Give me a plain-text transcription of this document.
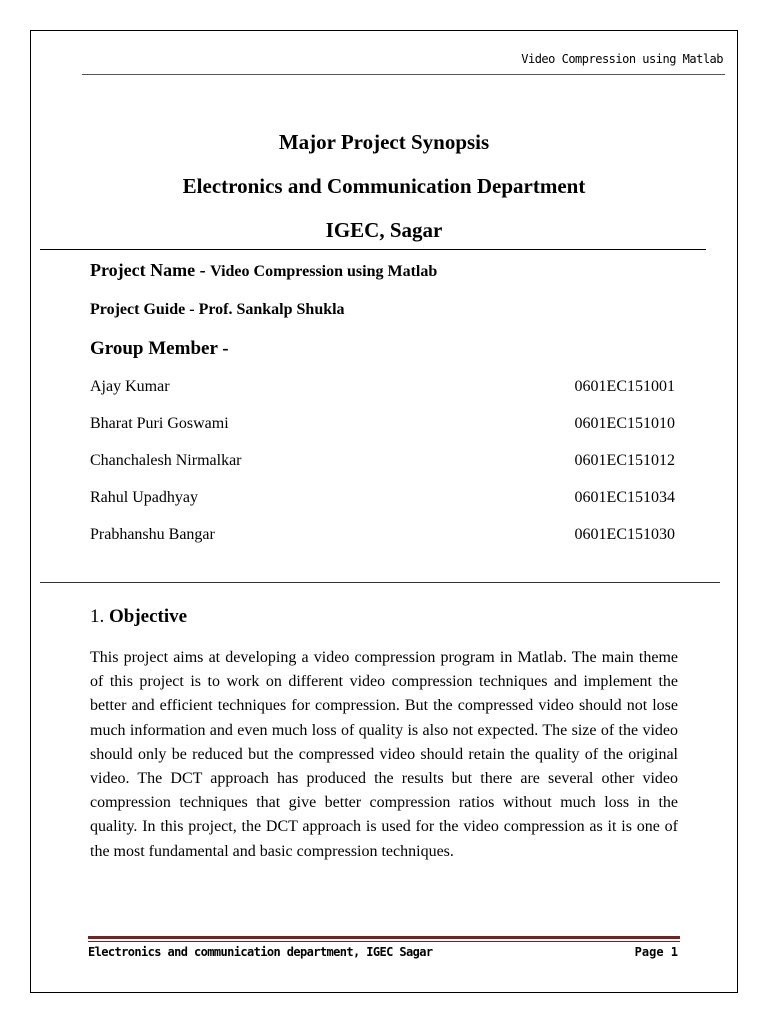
Video Compression using Matlab
Major Project Synopsis
Electronics and Communication Department
IGEC, Sagar
Project Name - Video Compression using Matlab
Project Guide - Prof. Sankalp Shukla
Group Member -
Ajay Kumar	0601EC151001
Bharat Puri Goswami	0601EC151010
Chanchalesh Nirmalkar	0601EC151012
Rahul Upadhyay	0601EC151034
Prabhanshu Bangar	0601EC151030
1. Objective
This project aims at developing a video compression program in Matlab. The main theme of this project is to work on different video compression techniques and implement the better and efficient techniques for compression. But the compressed video should not lose much information and even much loss of quality is also not expected. The size of the video should only be reduced but the compressed video should retain the quality of the original video. The DCT approach has produced the results but there are several other video compression techniques that give better compression ratios without much loss in the quality. In this project, the DCT approach is used for the video compression as it is one of the most fundamental and basic compression techniques.
Electronics and communication department, IGEC Sagar	Page 1
